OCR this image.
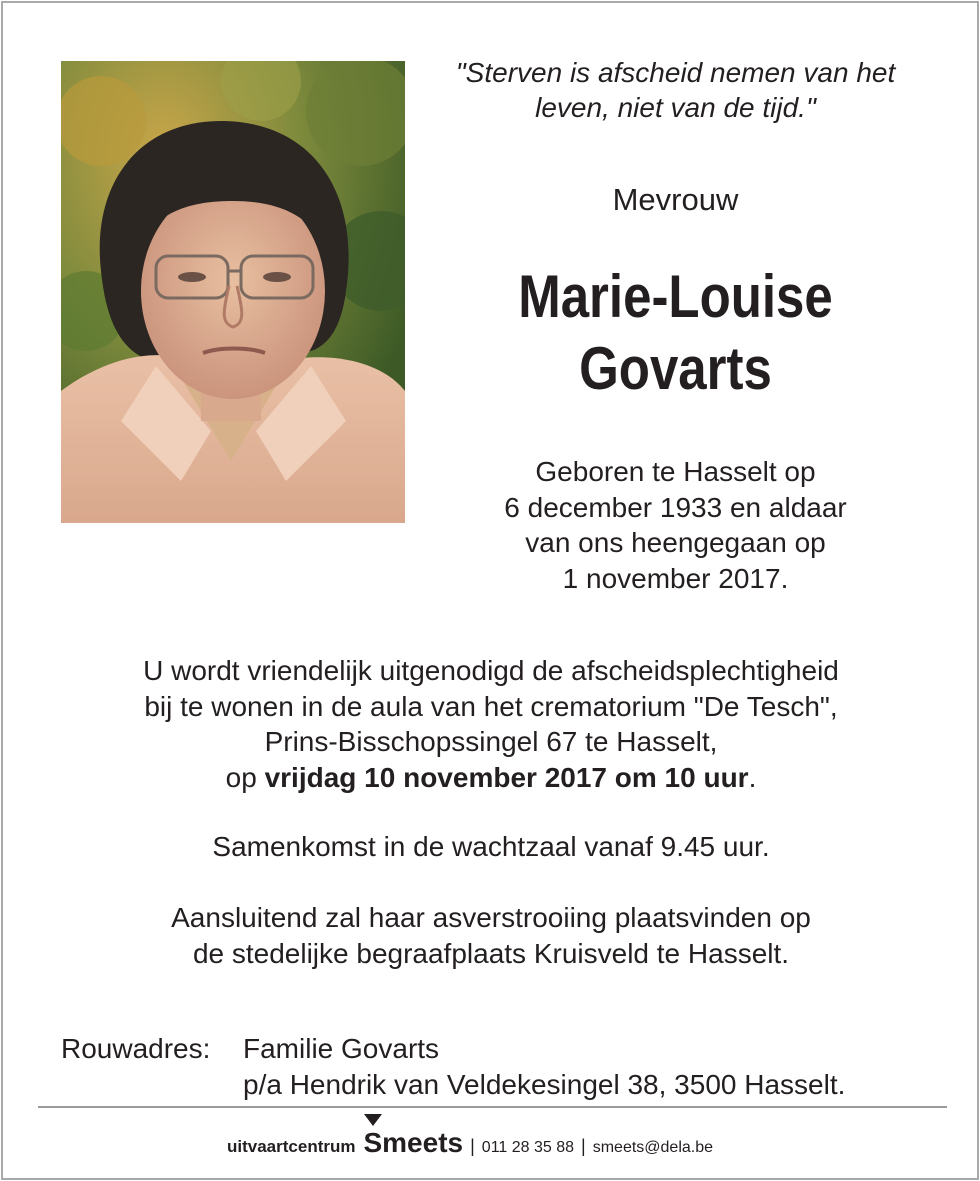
"Sterven is afscheid nemen van het
leven, niet van de tijd."
Mevrouw
Marie-Louise
Govarts
Geboren te Hasselt op
6 december 1933 en aldaar
van ons heengegaan op
1 november 2017.
U wordt vriendelijk uitgenodigd de afscheidsplechtigheid
bij te wonen in de aula van het crematorium "De Tesch",
Prins-Bisschopssingel 67 te Hasselt,
op vrijdag 10 november 2017 om 10 uur.
Samenkomst in de wachtzaal vanaf 9.45 uur.
Aansluitend zal haar asverstrooiing plaatsvinden op
de stedelijke begraafplaats Kruisveld te Hasselt.
Rouwadres: Familie Govarts
p/a Hendrik van Veldekesingel 38, 3500 Hasselt.
uitvaartcentrum Smeets | 011 28 35 88 | smeets@dela.be
